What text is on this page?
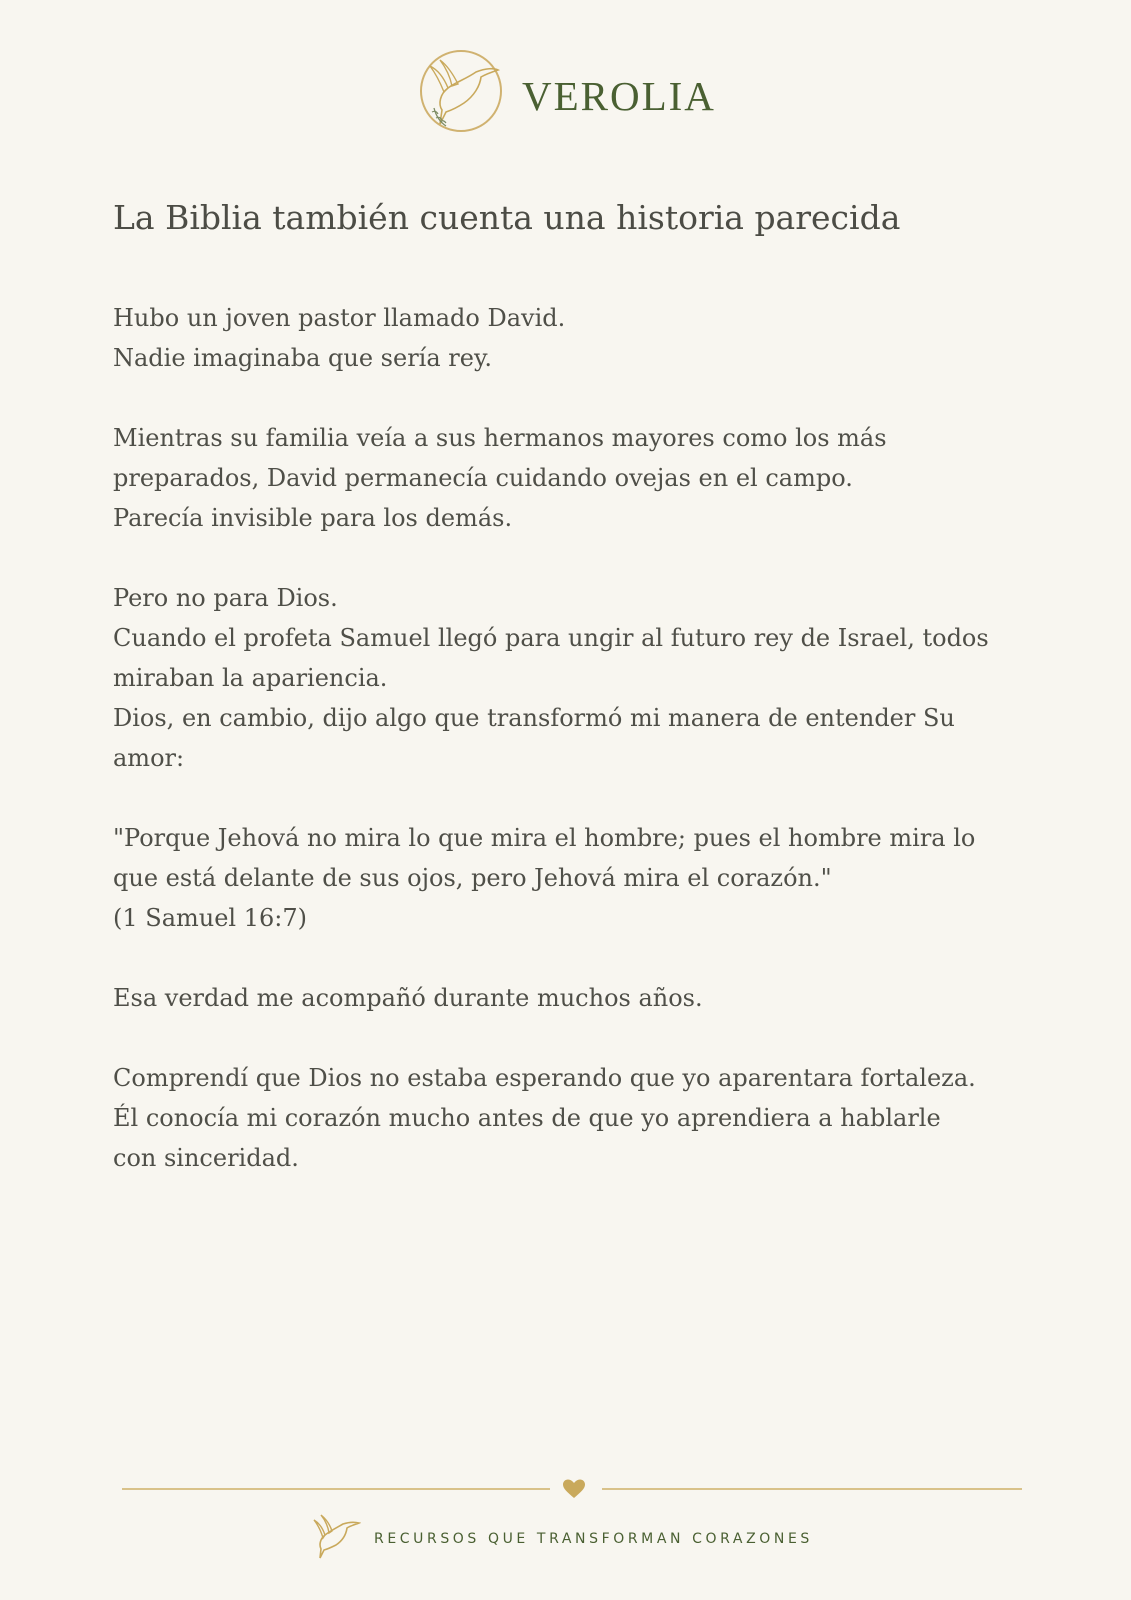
VEROLIA
La Biblia también cuenta una historia parecida

Hubo un joven pastor llamado David.
Nadie imaginaba que sería rey.

Mientras su familia veía a sus hermanos mayores como los más
preparados, David permanecía cuidando ovejas en el campo.
Parecía invisible para los demás.

Pero no para Dios.
Cuando el profeta Samuel llegó para ungir al futuro rey de Israel, todos
miraban la apariencia.
Dios, en cambio, dijo algo que transformó mi manera de entender Su
amor:

"Porque Jehová no mira lo que mira el hombre; pues el hombre mira lo
que está delante de sus ojos, pero Jehová mira el corazón."
(1 Samuel 16:7)

Esa verdad me acompañó durante muchos años.

Comprendí que Dios no estaba esperando que yo aparentara fortaleza.
Él conocía mi corazón mucho antes de que yo aprendiera a hablarle
con sinceridad.

RECURSOS QUE TRANSFORMAN CORAZONES
